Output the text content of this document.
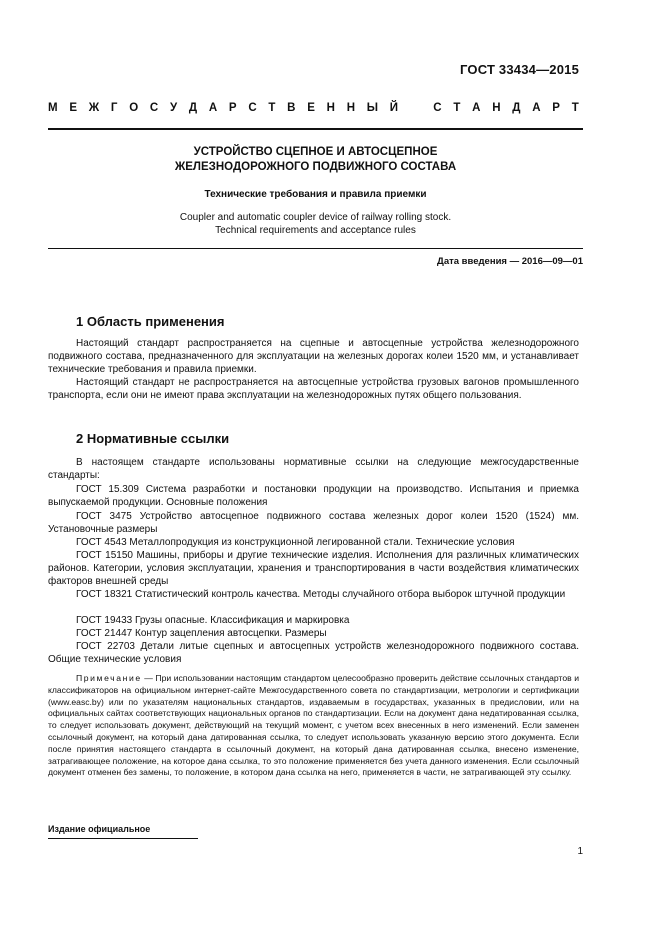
ГОСТ 33434—2015
М Е Ж Г О С У Д А Р С Т В Е Н Н Ы Й	С Т А Н Д А Р Т
УСТРОЙСТВО СЦЕПНОЕ И АВТОСЦЕПНОЕ
ЖЕЛЕЗНОДОРОЖНОГО ПОДВИЖНОГО СОСТАВА
Технические требования и правила приемки
Coupler and automatic coupler device of railway rolling stock.
Technical requirements and acceptance rules
Дата введения — 2016—09—01
1 Область применения

Настоящий стандарт распространяется на сцепные и автосцепные устройства железнодорожного подвижного состава, предназначенного для эксплуатации на железных дорогах колеи 1520 мм, и устанавливает технические требования и правила приемки.

Настоящий стандарт не распространяется на автосцепные устройства грузовых вагонов промышленного транспорта, если они не имеют права эксплуатации на железнодорожных путях общего пользования.

2 Нормативные ссылки

В настоящем стандарте использованы нормативные ссылки на следующие межгосударственные стандарты:

ГОСТ 15.309 Система разработки и постановки продукции на производство. Испытания и приемка выпускаемой продукции. Основные положения

ГОСТ 3475 Устройство автосцепное подвижного состава железных дорог колеи 1520 (1524) мм. Установочные размеры

ГОСТ 4543 Металлопродукция из конструкционной легированной стали. Технические условия

ГОСТ 15150 Машины, приборы и другие технические изделия. Исполнения для различных климатических районов. Категории, условия эксплуатации, хранения и транспортирования в части воздействия климатических факторов внешней среды

ГОСТ 18321 Статистический контроль качества. Методы случайного отбора выборок штучной продукции

ГОСТ 19433 Грузы опасные. Классификация и маркировка

ГОСТ 21447 Контур зацепления автосцепки. Размеры

ГОСТ 22703 Детали литые сцепных и автосцепных устройств железнодорожного подвижного состава. Общие технические условия

Примечание — При использовании настоящим стандартом целесообразно проверить действие ссылочных стандартов и классификаторов на официальном интернет-сайте Межгосударственного совета по стандартизации, метрологии и сертификации (www.easc.by) или по указателям национальных стандартов, издаваемым в государствах, указанных в предисловии, или на официальных сайтах соответствующих национальных органов по стандартизации. Если на документ дана недатированная ссылка, то следует использовать документ, действующий на текущий момент, с учетом всех внесенных в него изменений. Если заменен ссылочный документ, на который дана датированная ссылка, то следует использовать указанную версию этого документа. Если после принятия настоящего стандарта в ссылочный документ, на который дана датированная ссылка, внесено изменение, затрагивающее положение, на которое дана ссылка, то это положение применяется без учета данного изменения. Если ссылочный документ отменен без замены, то положение, в котором дана ссылка на него, применяется в части, не затрагивающей эту ссылку.

Издание официальное
1
